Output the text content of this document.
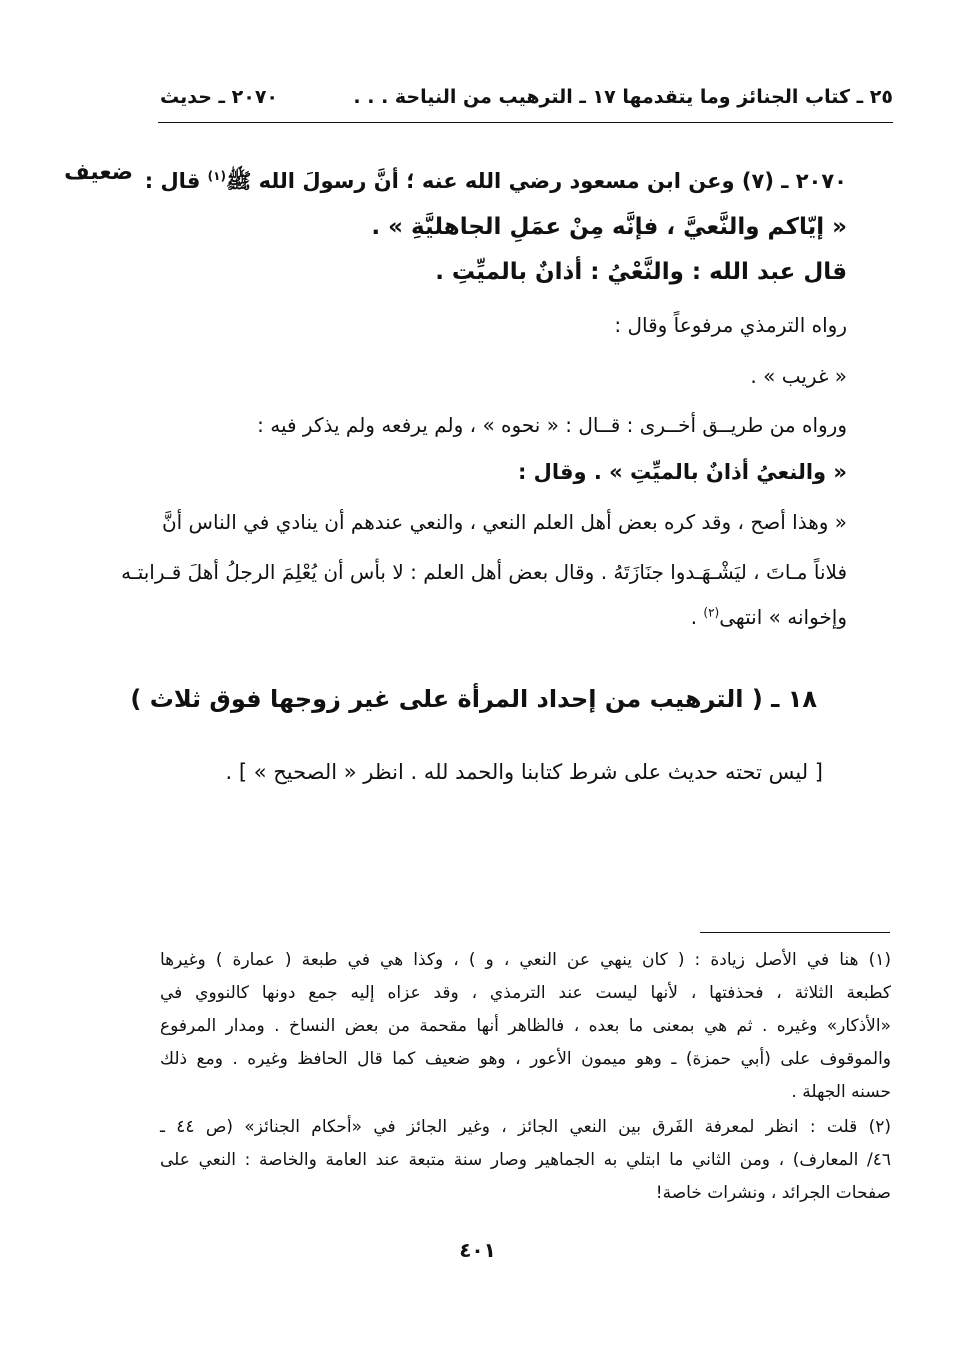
٢٥ ـ كتاب الجنائز وما يتقدمها ١٧ ـ الترهيب من النياحة . . .
٢٠٧٠ ـ حديث
ضعيف	٢٠٧٠ ـ (٧) وعن ابن مسعود رضي الله عنه ؛ أنَّ رسولَ الله ﷺ$^{(١)}$ قال :
« إيّاكم والنَّعيَّ ، فإنَّه مِنْ عمَلِ الجاهليَّةِ » .
قال عبد الله : والنَّعْيُ : أذانٌ بالميِّتِ .
رواه الترمذي مرفوعاً وقال :
« غريب » .
ورواه من طريــق أخــرى : قــال : « نحوه » ، ولم يرفعه ولم يذكر فيه :
« والنعيُ أذانٌ بالميِّتِ » . وقال :
« وهذا أصح ، وقد كره بعض أهل العلم النعي ، والنعي عندهم أن ينادي في الناس أنَّ
فلاناً مـاتَ ، ليَشْـهَـدوا جنَازَتَهُ . وقال بعض أهل العلم : لا بأس أن يُعْلِمَ الرجلُ أهلَ قـرابتـه
وإخوانه » انتهى$^{(٢)}$ .
١٨ ـ ( الترهيب من إحداد المرأة على غير زوجها فوق ثلاث )
[ ليس تحته حديث على شرط كتابنا والحمد لله . انظر « الصحيح » ] .
(١) هنا في الأصل زيادة : ( كان ينهي عن النعي ، و ) ، وكذا هي في طبعة ( عمارة ) وغيرها
كطبعة الثلاثة ، فحذفتها ، لأنها ليست عند الترمذي ، وقد عزاه إليه جمع دونها كالنووي في
«الأذكار» وغيره . ثم هي بمعنى ما بعده ، فالظاهر أنها مقحمة من بعض النساخ . ومدار المرفوع
والموقوف على (أبي حمزة) ـ وهو ميمون الأعور ، وهو ضعيف كما قال الحافظ وغيره . ومع ذلك
حسنه الجهلة .
(٢) قلت : انظر لمعرفة الفَرق بين النعي الجائز ، وغير الجائز في «أحكام الجنائز» (ص ٤٤ ـ
٤٦/ المعارف) ، ومن الثاني ما ابتلي به الجماهير وصار سنة متبعة عند العامة والخاصة : النعي على
صفحات الجرائد ، ونشرات خاصة!
٤٠١
